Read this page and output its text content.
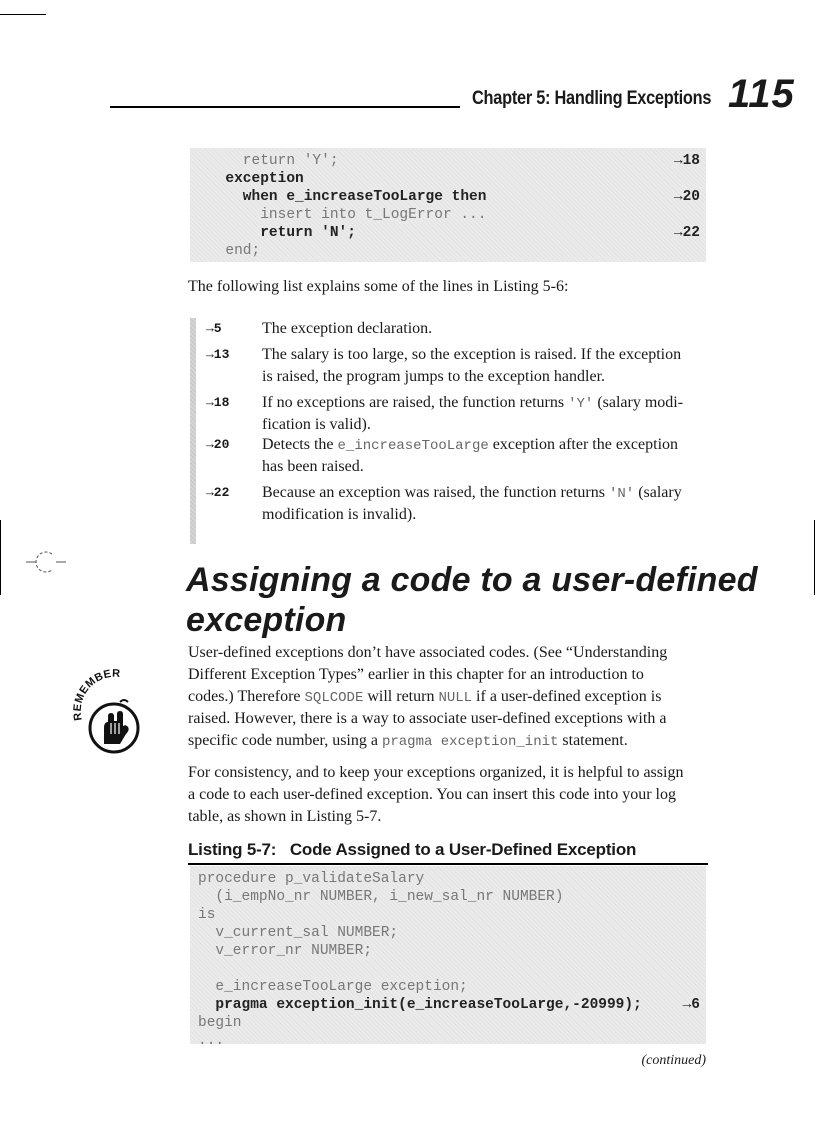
Chapter 5: Handling Exceptions 115
return 'Y';	→18
exception
when e_increaseTooLarge then	→20
insert into t_LogError ...
return 'N';	→22
end;
The following list explains some of the lines in Listing 5-6:
→5	The exception declaration.
→13 The salary is too large, so the exception is raised. If the exception
is raised, the program jumps to the exception handler.
→18 If no exceptions are raised, the function returns 'Y' (salary modi-
fication is valid).
→20 Detects the e_increaseTooLarge exception after the exception
has been raised.
→22 Because an exception was raised, the function returns 'N' (salary
modification is invalid).
Assigning a code to a user-defined
exception
User-defined exceptions don’t have associated codes. (See “Understanding
Different Exception Types” earlier in this chapter for an introduction to
codes.) Therefore SQLCODE will return NULL if a user-defined exception is
raised. However, there is a way to associate user-defined exceptions with a
specific code number, using a pragma exception_init statement.
REMEMBER
For consistency, and to keep your exceptions organized, it is helpful to assign
a code to each user-defined exception. You can insert this code into your log
table, as shown in Listing 5-7.
Listing 5-7: Code Assigned to a User-Defined Exception
procedure p_validateSalary
(i_empNo_nr NUMBER, i_new_sal_nr NUMBER)
is
v_current_sal NUMBER;
v_error_nr NUMBER;
e_increaseTooLarge exception;
pragma exception_init(e_increaseTooLarge,-20999);	→6
begin
...
(continued)
